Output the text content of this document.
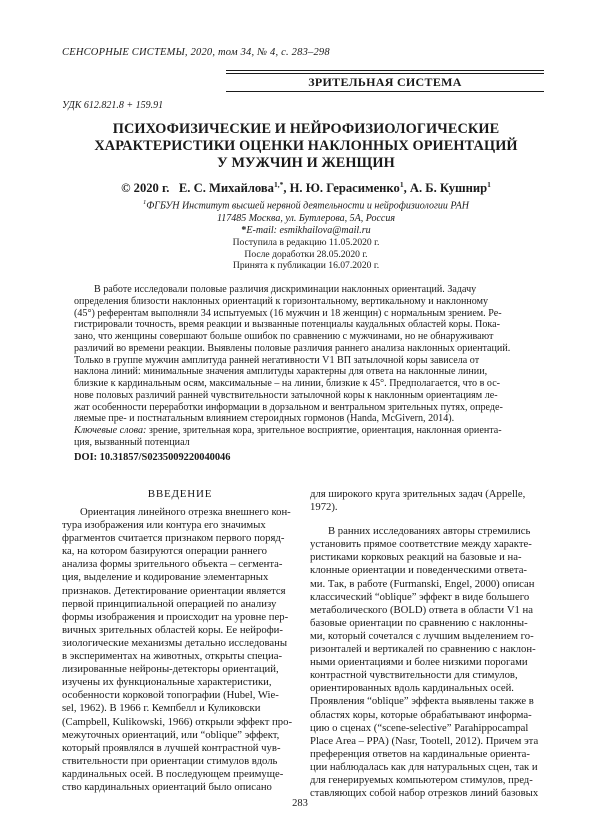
СЕНСОРНЫЕ СИСТЕМЫ, 2020, том 34, № 4, с. 283–298
ЗРИТЕЛЬНАЯ СИСТЕМА
УДК 612.821.8 + 159.91
ПСИХОФИЗИЧЕСКИЕ И НЕЙРОФИЗИОЛОГИЧЕСКИЕ
ХАРАКТЕРИСТИКИ ОЦЕНКИ НАКЛОННЫХ ОРИЕНТАЦИЙ
У МУЖЧИН И ЖЕНЩИН
© 2020 г. Е. С. Михайлова$^{1,*}$, Н. Ю. Герасименко$^1$, А. Б. Кушнир$^1$
$^1$ФГБУН Институт высшей нервной деятельности и нейрофизиологии РАН
117485 Москва, ул. Бутлерова, 5А, Россия
*E-mail: esmikhailova@mail.ru
Поступила в редакцию 11.05.2020 г.
После доработки 28.05.2020 г.
Принята к публикации 16.07.2020 г.
В работе исследовали половые различия дискриминации наклонных ориентаций. Задачу
определения близости наклонных ориентаций к горизонтальному, вертикальному и наклонному
(45°) референтам выполняли 34 испытуемых (16 мужчин и 18 женщин) с нормальным зрением. Ре-
гистрировали точность, время реакции и вызванные потенциалы каудальных областей коры. Пока-
зано, что женщины совершают больше ошибок по сравнению с мужчинами, но не обнаруживают
различий во времени реакции. Выявлены половые различия раннего анализа наклонных ориентаций.
Только в группе мужчин амплитуда ранней негативности V1 ВП затылочной коры зависела от
наклона линий: минимальные значения амплитуды характерны для ответа на наклонные линии,
близкие к кардинальным осям, максимальные – на линии, близкие к 45°. Предполагается, что в ос-
нове половых различий ранней чувствительности затылочной коры к наклонным ориентациям ле-
жат особенности переработки информации в дорзальном и вентральном зрительных путях, опреде-
ляемые пре- и постнатальным влиянием стероидных гормонов (Handa, McGivern, 2014).
Ключевые слова: зрение, зрительная кора, зрительное восприятие, ориентация, наклонная ориента-
ция, вызванный потенциал
DOI: 10.31857/S0235009220040046
ВВЕДЕНИЕ
Ориентация линейного отрезка внешнего кон-
тура изображения или контура его значимых
фрагментов считается признаком первого поряд-
ка, на котором базируются операции раннего
анализа формы зрительного объекта – сегмента-
ция, выделение и кодирование элементарных
признаков. Детектирование ориентации является
первой принципиальной операцией по анализу
формы изображения и происходит на уровне пер-
вичных зрительных областей коры. Ее нейрофи-
зиологические механизмы детально исследованы
в экспериментах на животных, открыты специа-
лизированные нейроны-детекторы ориентаций,
изучены их функциональные характеристики,
особенности корковой топографии (Hubel, Wie-
sel, 1962). В 1966 г. Кемпбелл и Куликовски
(Campbell, Kulikowski, 1966) открыли эффект про-
межуточных ориентаций, или “oblique” эффект,
который проявлялся в лучшей контрастной чув-
ствительности при ориентации стимулов вдоль
кардинальных осей. В последующем преимуще-
ство кардинальных ориентаций было описано
для широкого круга зрительных задач (Appelle,
1972).
В ранних исследованиях авторы стремились
установить прямое соответствие между характе-
ристиками корковых реакций на базовые и на-
клонные ориентации и поведенческими ответа-
ми. Так, в работе (Furmanski, Engel, 2000) описан
классический “oblique” эффект в виде большего
метаболического (BOLD) ответа в области V1 на
базовые ориентации по сравнению с наклонны-
ми, который сочетался с лучшим выделением го-
ризонталей и вертикалей по сравнению с наклон-
ными ориентациями и более низкими порогами
контрастной чувствительности для стимулов,
ориентированных вдоль кардинальных осей.
Проявления “oblique” эффекта выявлены также в
областях коры, которые обрабатывают информа-
цию о сценах (“scene-selective” Parahippocampal
Place Area – PPA) (Nasr, Tootell, 2012). Причем эта
преференция ответов на кардинальные ориента-
ции наблюдалась как для натуральных сцен, так и
для генерируемых компьютером стимулов, пред-
ставляющих собой набор отрезков линий базовых
283
